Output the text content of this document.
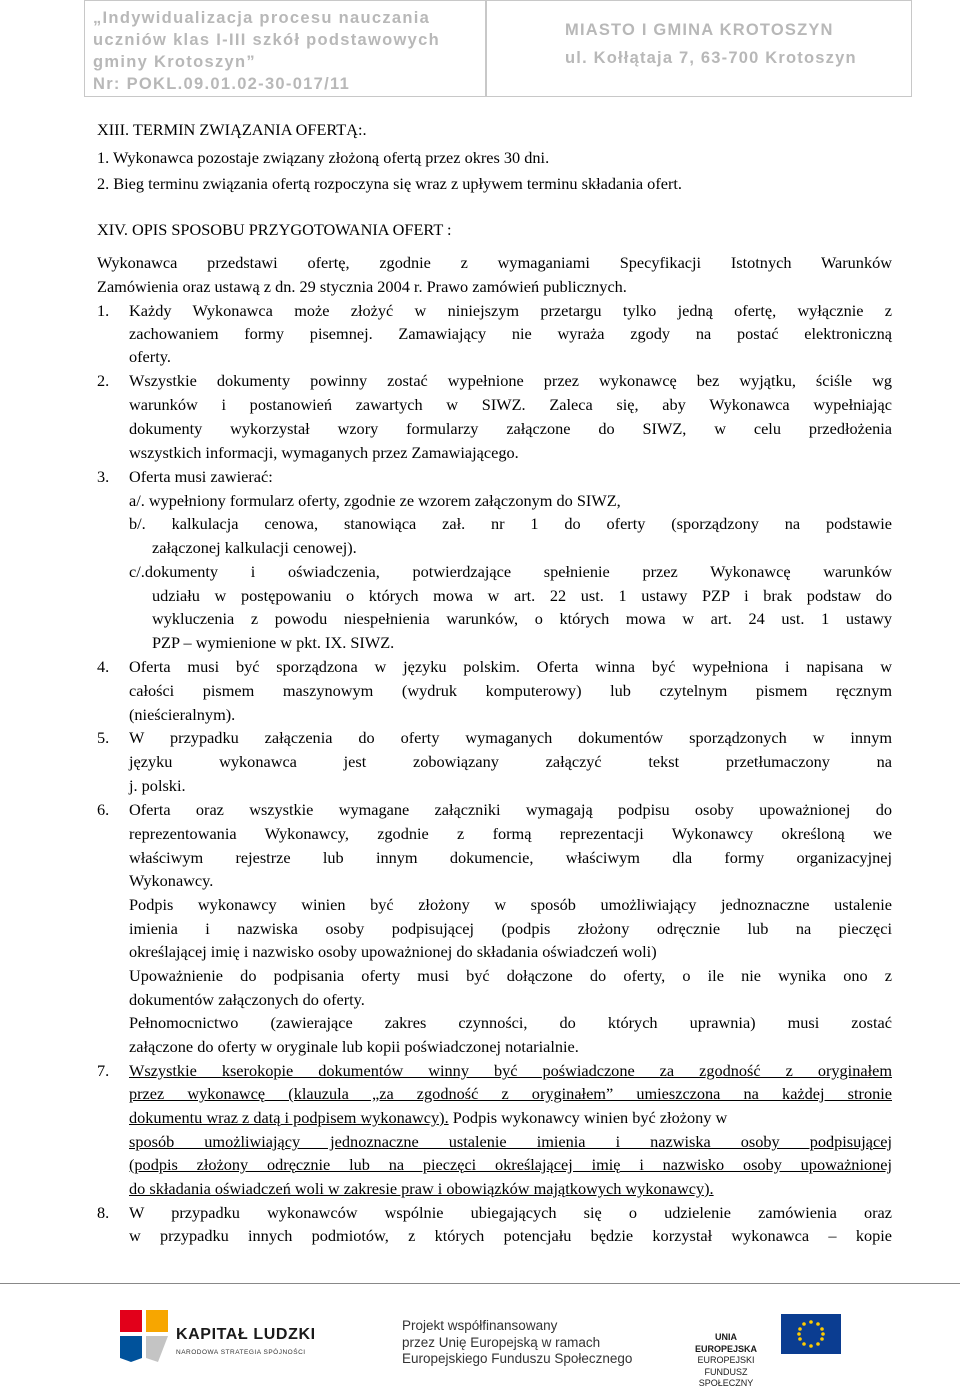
„Indywidualizacja procesu nauczania
uczniów klas I-III szkół podstawowych
gminy Krotoszyn”
Nr: POKL.09.01.02-30-017/11
MIASTO I GMINA KROTOSZYN
ul. Kołłątaja 7, 63-700 Krotoszyn
XIII. TERMIN ZWIĄZANIA OFERTĄ:.
1. Wykonawca pozostaje związany złożoną ofertą przez okres 30 dni.
2. Bieg terminu związania ofertą rozpoczyna się wraz z upływem terminu składania ofert.
XIV. OPIS SPOSOBU PRZYGOTOWANIA OFERT :
Wykonawca przedstawi ofertę, zgodnie z wymaganiami Specyfikacji Istotnych Warunków
Zamówienia oraz ustawą z dn. 29 stycznia 2004 r. Prawo zamówień publicznych.
1. Każdy Wykonawca może złożyć w niniejszym przetargu tylko jedną ofertę, wyłącznie z
zachowaniem formy pisemnej. Zamawiający nie wyraża zgody na postać elektroniczną
oferty.
2. Wszystkie dokumenty powinny zostać wypełnione przez wykonawcę bez wyjątku, ściśle wg
warunków i postanowień zawartych w SIWZ. Zaleca się, aby Wykonawca wypełniając
dokumenty wykorzystał wzory formularzy załączone do SIWZ, w celu przedłożenia
wszystkich informacji, wymaganych przez Zamawiającego.
3. Oferta musi zawierać:
a/. wypełniony formularz oferty, zgodnie ze wzorem załączonym do SIWZ,
b/. kalkulacja cenowa, stanowiąca zał. nr 1 do oferty (sporządzony na podstawie
załączonej kalkulacji cenowej).
c/.dokumenty i oświadczenia, potwierdzające spełnienie przez Wykonawcę warunków
udziału w postępowaniu o których mowa w art. 22 ust. 1 ustawy PZP i brak podstaw do
wykluczenia z powodu niespełnienia warunków, o których mowa w art. 24 ust. 1 ustawy
PZP – wymienione w pkt. IX. SIWZ.
4. Oferta musi być sporządzona w języku polskim. Oferta winna być wypełniona i napisana w
całości pismem maszynowym (wydruk komputerowy) lub czytelnym pismem ręcznym
(nieścieralnym).
5. W przypadku załączenia do oferty wymaganych dokumentów sporządzonych w innym
języku wykonawca jest zobowiązany załączyć tekst przetłumaczony na
j. polski.
6. Oferta oraz wszystkie wymagane załączniki wymagają podpisu osoby upoważnionej do
reprezentowania Wykonawcy, zgodnie z formą reprezentacji Wykonawcy określoną we
właściwym rejestrze lub innym dokumencie, właściwym dla formy organizacyjnej
Wykonawcy.
Podpis wykonawcy winien być złożony w sposób umożliwiający jednoznaczne ustalenie
imienia i nazwiska osoby podpisującej (podpis złożony odręcznie lub na pieczęci
określającej imię i nazwisko osoby upoważnionej do składania oświadczeń woli)
Upoważnienie do podpisania oferty musi być dołączone do oferty, o ile nie wynika ono z
dokumentów załączonych do oferty.
Pełnomocnictwo (zawierające zakres czynności, do których uprawnia) musi zostać
załączone do oferty w oryginale lub kopii poświadczonej notarialnie.
7. Wszystkie kserokopie dokumentów winny być poświadczone za zgodność z oryginałem
przez wykonawcę (klauzula „za zgodność z oryginałem” umieszczona na każdej stronie
dokumentu wraz z datą i podpisem wykonawcy). Podpis wykonawcy winien być złożony w
sposób umożliwiający jednoznaczne ustalenie imienia i nazwiska osoby podpisującej
(podpis złożony odręcznie lub na pieczęci określającej imię i nazwisko osoby upoważnionej
do składania oświadczeń woli w zakresie praw i obowiązków majątkowych wykonawcy).
8. W przypadku wykonawców wspólnie ubiegających się o udzielenie zamówienia oraz
w przypadku innych podmiotów, z których potencjału będzie korzystał wykonawca – kopie
KAPITAŁ LUDZKI
NARODOWA STRATEGIA SPÓJNOŚCI
Projekt współfinansowany
przez Unię Europejską w ramach
Europejskiego Funduszu Społecznego
UNIA EUROPEJSKA
EUROPEJSKI
FUNDUSZ SPOŁECZNY
